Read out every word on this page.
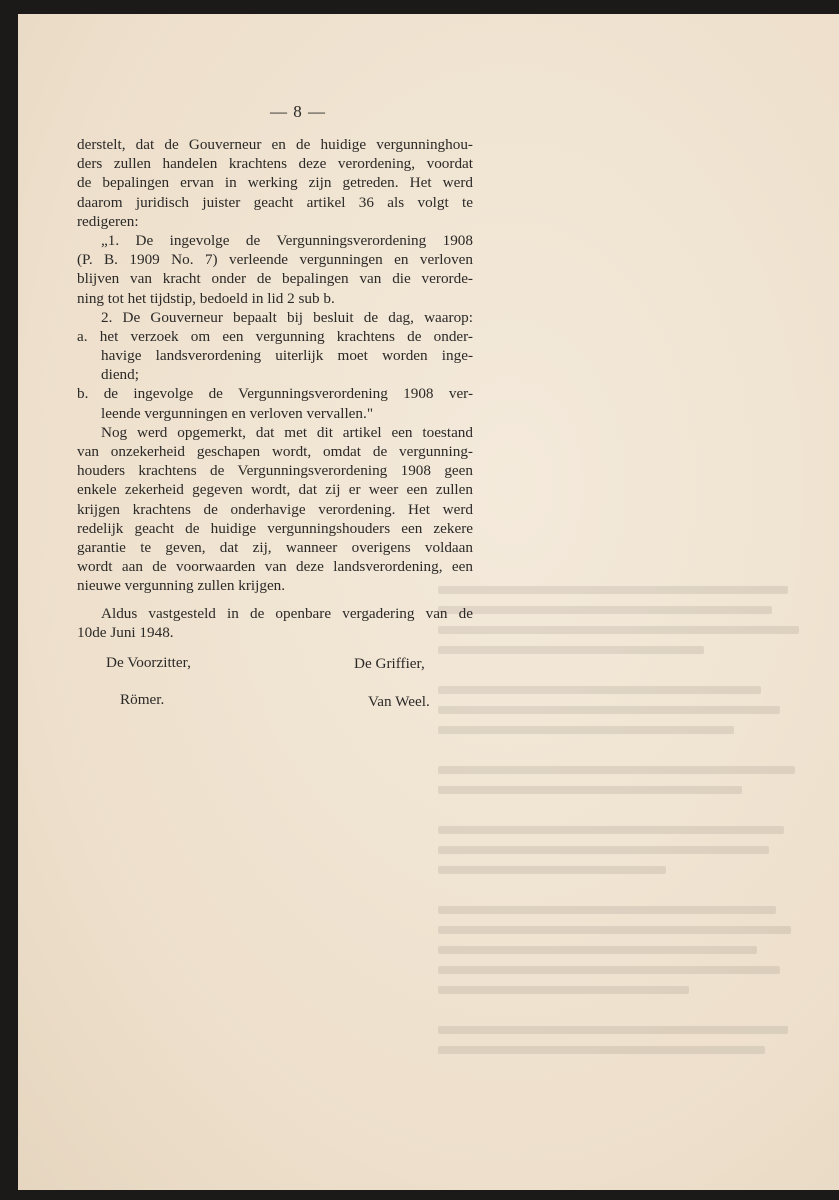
— 8 —
derstelt, dat de Gouverneur en de huidige vergunninghou-
ders zullen handelen krachtens deze verordening, voordat
de bepalingen ervan in werking zijn getreden. Het werd
daarom juridisch juister geacht artikel 36 als volgt te
redigeren:
„1. De ingevolge de Vergunningsverordening 1908
(P. B. 1909 No. 7) verleende vergunningen en verloven
blijven van kracht onder de bepalingen van die verorde-
ning tot het tijdstip, bedoeld in lid 2 sub b.
2. De Gouverneur bepaalt bij besluit de dag, waarop:
a. het verzoek om een vergunning krachtens de onder-
havige landsverordening uiterlijk moet worden inge-
diend;
b. de ingevolge de Vergunningsverordening 1908 ver-
leende vergunningen en verloven vervallen."
Nog werd opgemerkt, dat met dit artikel een toestand
van onzekerheid geschapen wordt, omdat de vergunning-
houders krachtens de Vergunningsverordening 1908 geen
enkele zekerheid gegeven wordt, dat zij er weer een zullen
krijgen krachtens de onderhavige verordening. Het werd
redelijk geacht de huidige vergunningshouders een zekere
garantie te geven, dat zij, wanneer overigens voldaan
wordt aan de voorwaarden van deze landsverordening, een
nieuwe vergunning zullen krijgen.
Aldus vastgesteld in de openbare vergadering van de
10de Juni 1948.
De Voorzitter,	De Griffier,
Römer.	Van Weel.
